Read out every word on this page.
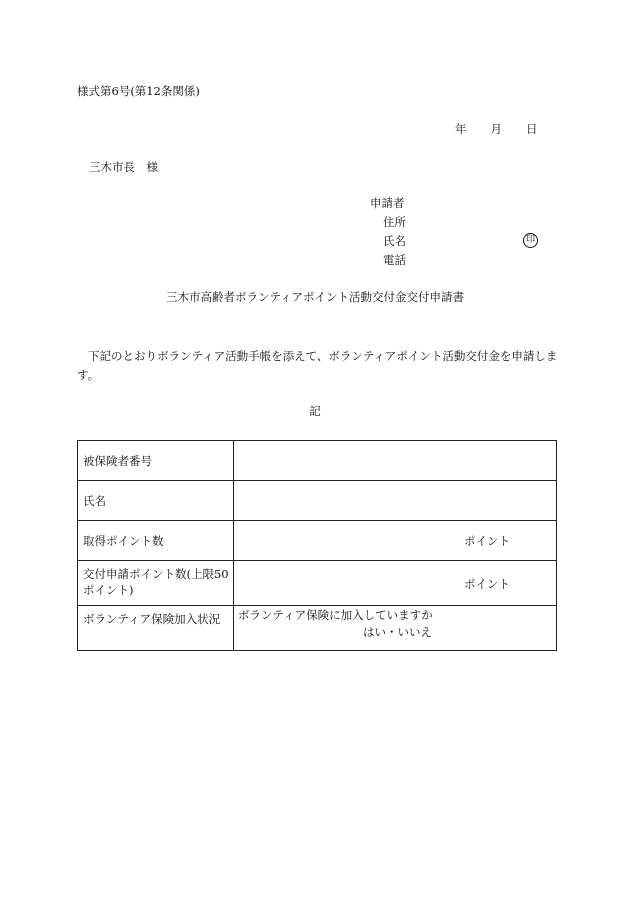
様式第6号(第12条関係)
年 月 日
三木市長　様
申請者
住所
氏名	印
電話
三木市高齢者ボランティアポイント活動交付金交付申請書
下記のとおりボランティア活動手帳を添えて、ボランティアポイント活動交付金を申請します。
記
被保険者番号	
氏名	
取得ポイント数	ポイント

交付申請ポイント数(上限50ポイント)	ポイント

ボランティア保険加入状況	ボランティア保険に加入していますか
はい・いいえ
